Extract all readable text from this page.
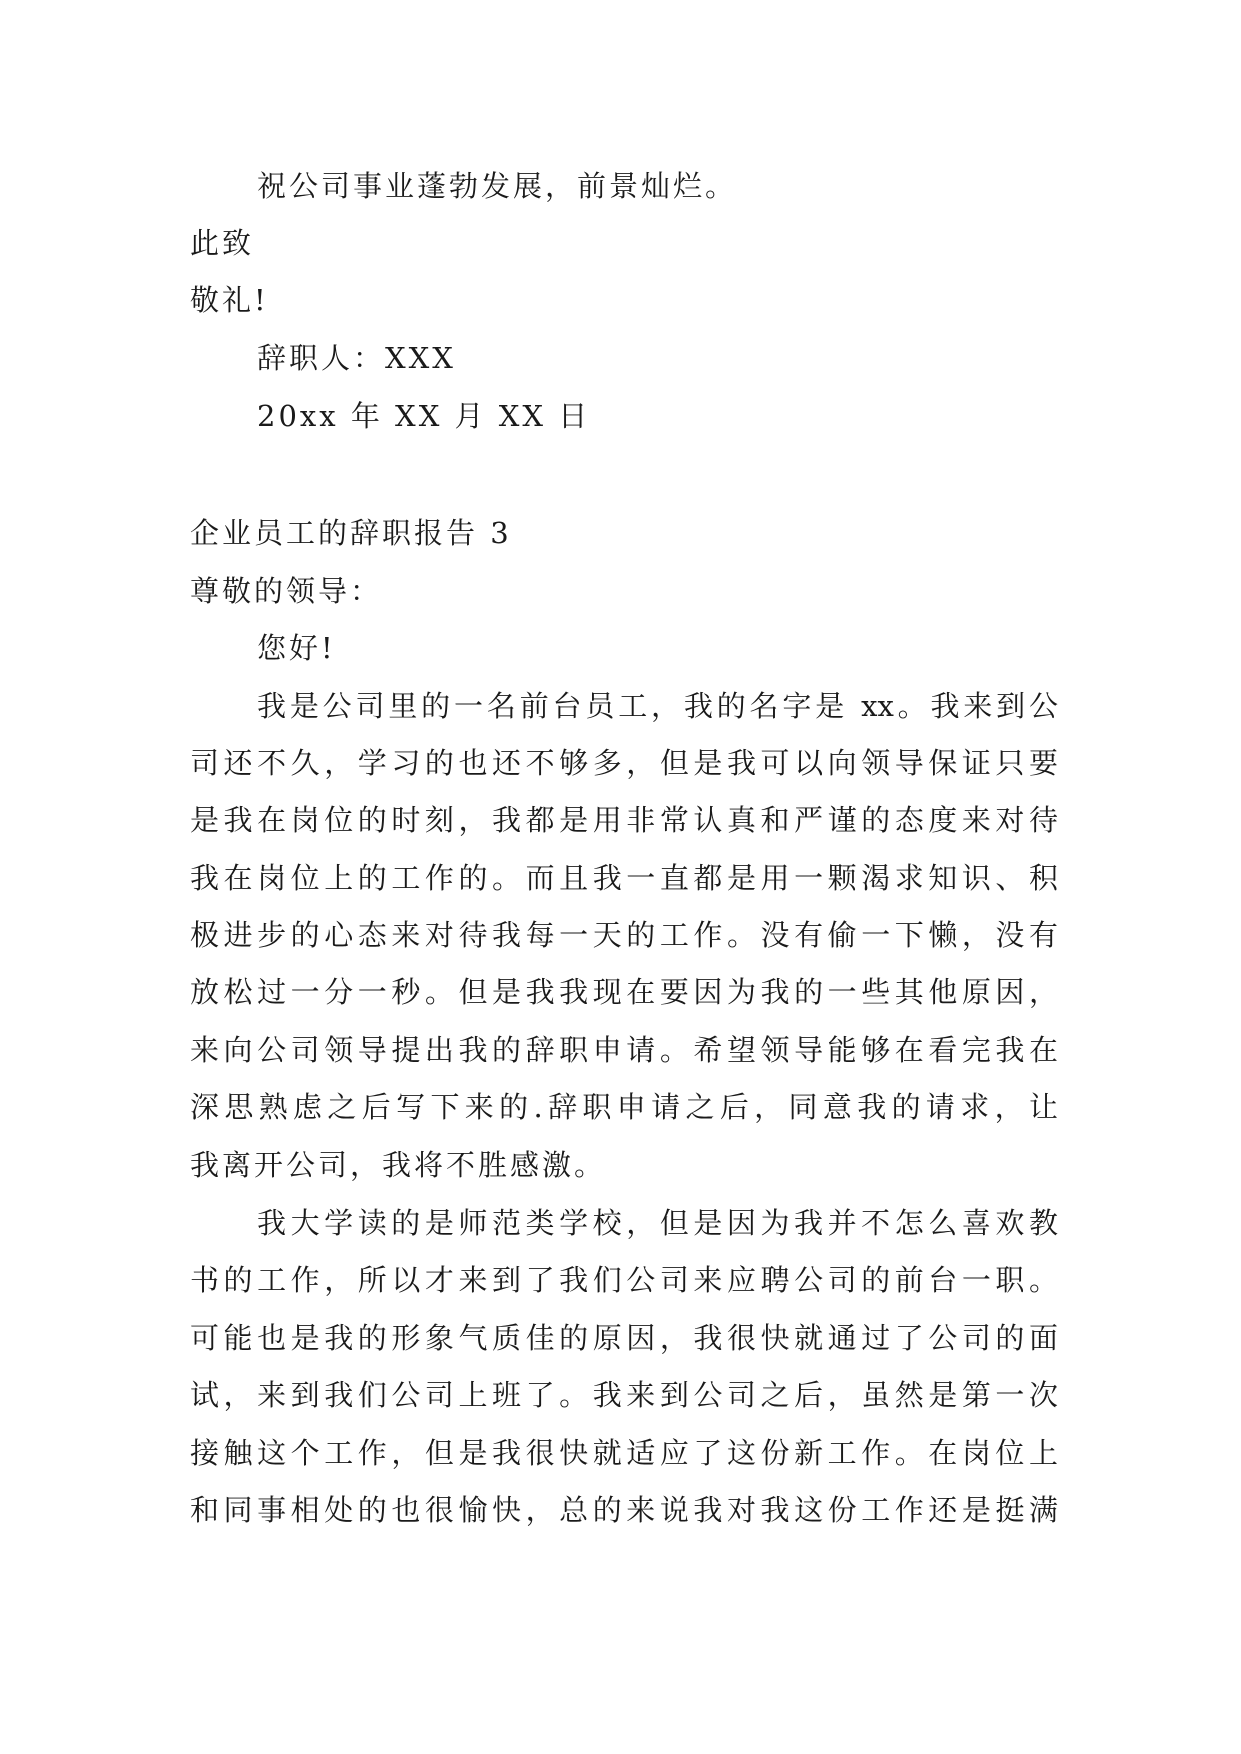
祝公司事业蓬勃发展，前景灿烂。
此致
敬礼!
辞职人：XXX
20xx 年 XX 月 XX 日
企业员工的辞职报告 3
尊敬的领导：
您好!
我是公司里的一名前台员工，我的名字是 xx。我来到公
司还不久，学习的也还不够多，但是我可以向领导保证只要
是我在岗位的时刻，我都是用非常认真和严谨的态度来对待
我在岗位上的工作的。而且我一直都是用一颗渴求知识、积
极进步的心态来对待我每一天的工作。没有偷一下懒，没有
放松过一分一秒。但是我我现在要因为我的一些其他原因，
来向公司领导提出我的辞职申请。希望领导能够在看完我在
深思熟虑之后写下来的.辞职申请之后，同意我的请求，让
我离开公司，我将不胜感激。
我大学读的是师范类学校，但是因为我并不怎么喜欢教
书的工作，所以才来到了我们公司来应聘公司的前台一职。
可能也是我的形象气质佳的原因，我很快就通过了公司的面
试，来到我们公司上班了。我来到公司之后，虽然是第一次
接触这个工作，但是我很快就适应了这份新工作。在岗位上
和同事相处的也很愉快，总的来说我对我这份工作还是挺满
